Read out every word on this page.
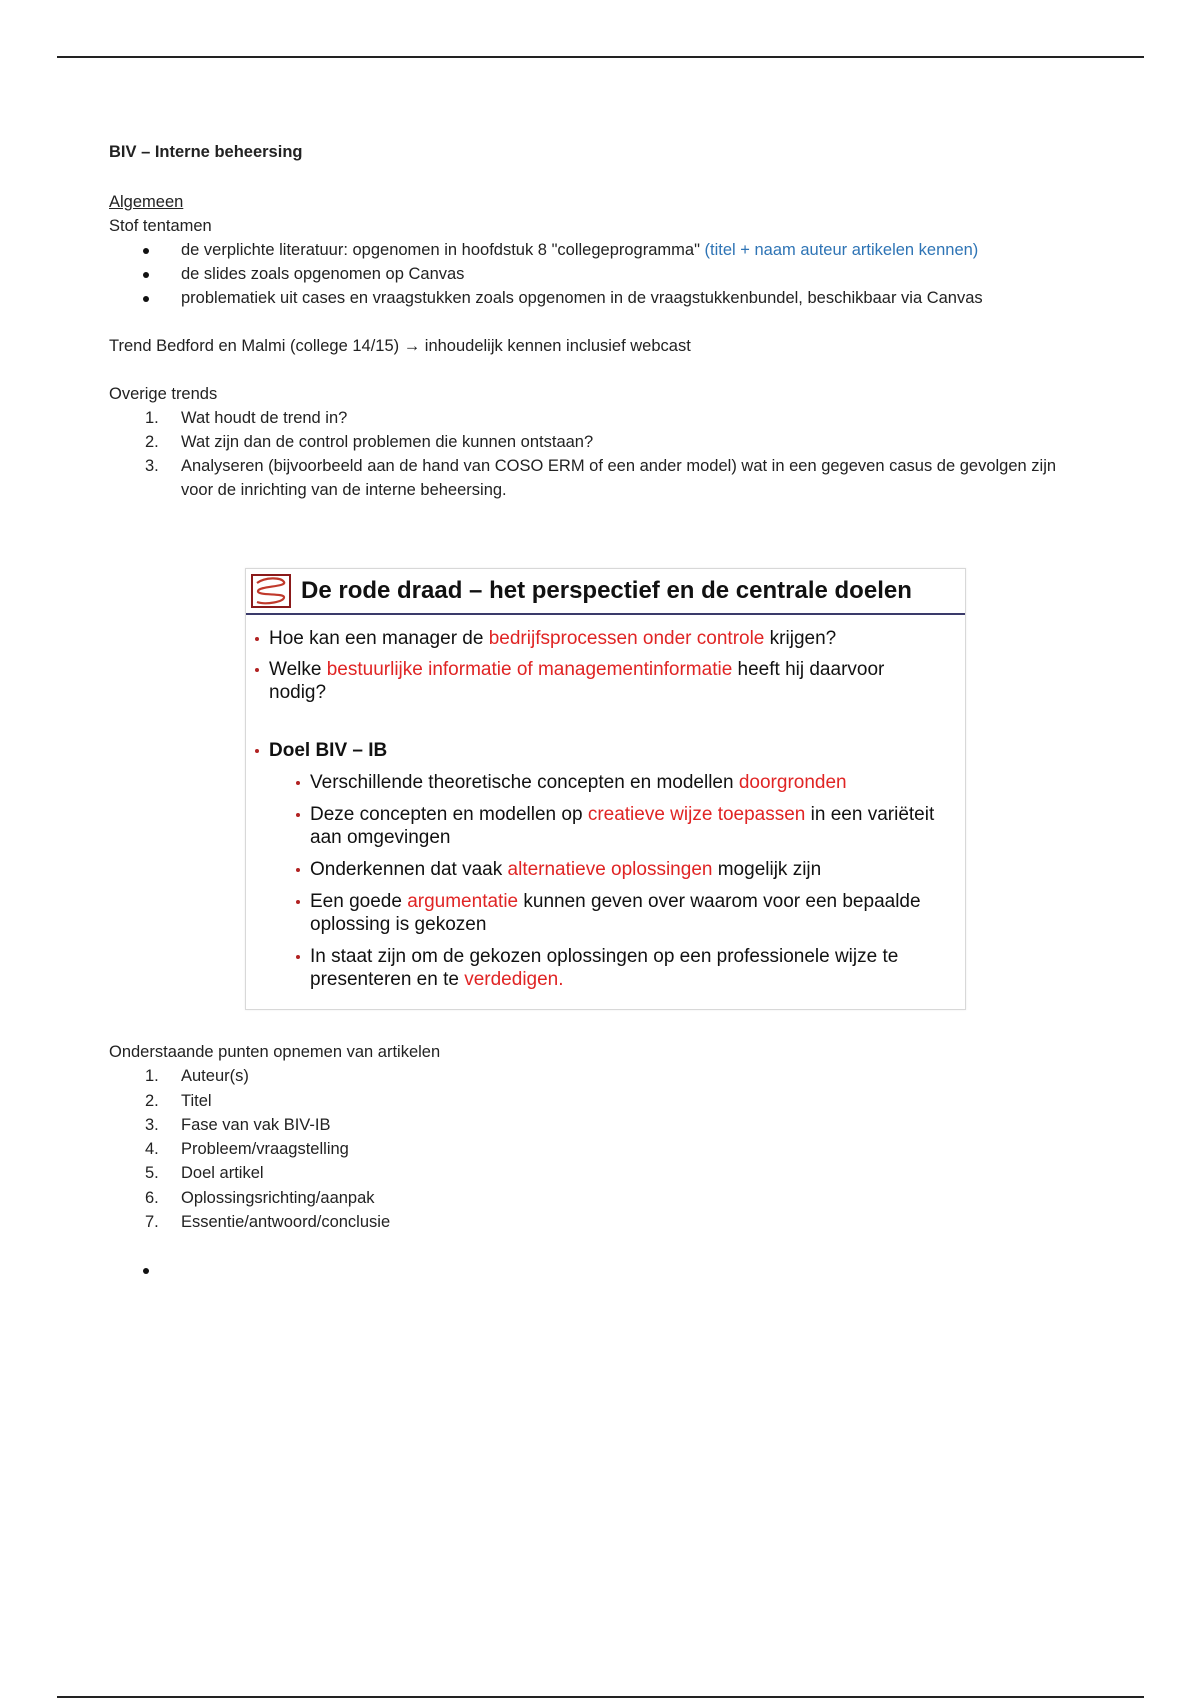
BIV – Interne beheersing

Algemeen

Stof tentamen

de verplichte literatuur: opgenomen in hoofdstuk 8 "collegeprogramma" (titel + naam auteur artikelen kennen)
de slides zoals opgenomen op Canvas
problematiek uit cases en vraagstukken zoals opgenomen in de vraagstukkenbundel, beschikbaar via Canvas

Trend Bedford en Malmi (college 14/15) → inhoudelijk kennen inclusief webcast

Overige trends

1. Wat houdt de trend in?
2. Wat zijn dan de control problemen die kunnen ontstaan?
3. Analyseren (bijvoorbeeld aan de hand van COSO ERM of een ander model) wat in een gegeven casus de gevolgen zijn voor de inrichting van de interne beheersing.
De rode draad – het perspectief en de centrale doelen
Hoe kan een manager de bedrijfsprocessen onder controle krijgen?
Welke bestuurlijke informatie of managementinformatie heeft hij daarvoor nodig?
Doel BIV – IB
Verschillende theoretische concepten en modellen doorgronden
Deze concepten en modellen op creatieve wijze toepassen in een variëteit aan omgevingen
Onderkennen dat vaak alternatieve oplossingen mogelijk zijn
Een goede argumentatie kunnen geven over waarom voor een bepaalde oplossing is gekozen
In staat zijn om de gekozen oplossingen op een professionele wijze te presenteren en te verdedigen.

Onderstaande punten opnemen van artikelen

1. Auteur(s)
2. Titel
3. Fase van vak BIV-IB
4. Probleem/vraagstelling
5. Doel artikel
6. Oplossingsrichting/aanpak
7. Essentie/antwoord/conclusie
